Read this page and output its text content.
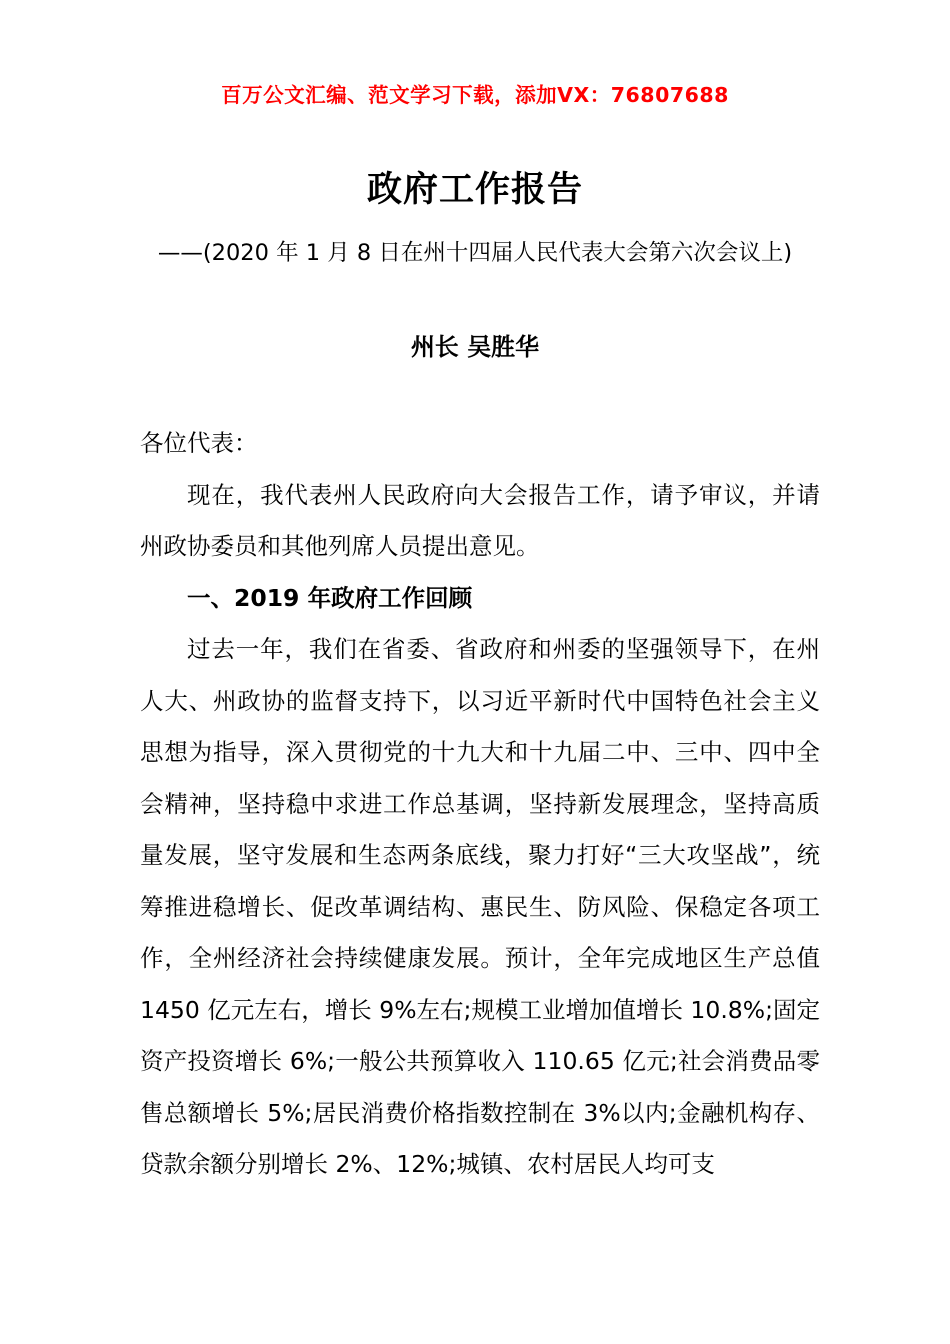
百万公文汇编、范文学习下载，添加VX：76807688
政府工作报告
——(2020 年 1 月 8 日在州十四届人民代表大会第六次会议上)
州长 吴胜华

各位代表：

现在，我代表州人民政府向大会报告工作，请予审议，并请州政协委员和其他列席人员提出意见。

一、2019 年政府工作回顾

过去一年，我们在省委、省政府和州委的坚强领导下，在州人大、州政协的监督支持下，以习近平新时代中国特色社会主义思想为指导，深入贯彻党的十九大和十九届二中、三中、四中全会精神，坚持稳中求进工作总基调，坚持新发展理念，坚持高质量发展，坚守发展和生态两条底线，聚力打好“三大攻坚战”，统筹推进稳增长、促改革调结构、惠民生、防风险、保稳定各项工作，全州经济社会持续健康发展。预计，全年完成地区生产总值 1450 亿元左右，增长 9%左右;规模工业增加值增长 10.8%;固定资产投资增长 6%;一般公共预算收入 110.65 亿元;社会消费品零售总额增长 5%;居民消费价格指数控制在 3%以内;金融机构存、贷款余额分别增长 2%、12%;城镇、农村居民人均可支
